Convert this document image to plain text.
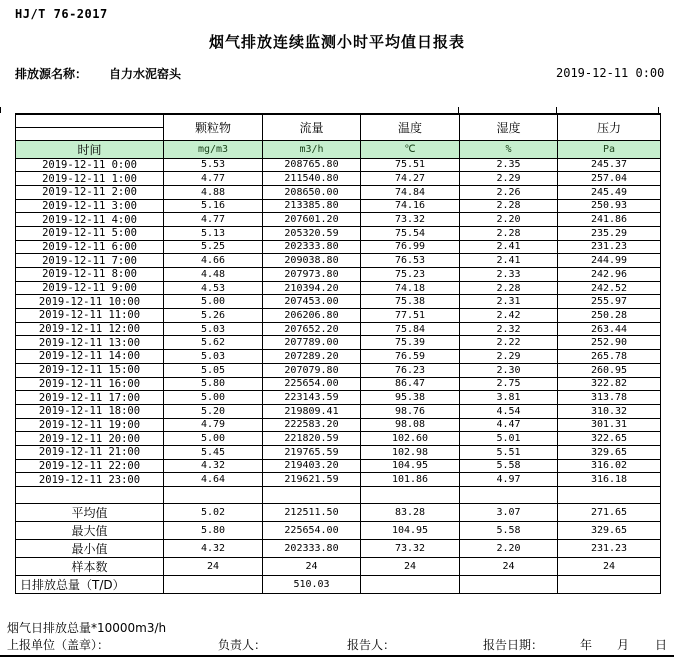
HJ/T 76-2017
烟气排放连续监测小时平均值日报表
排放源名称： 自力水泥窑头	2019-12-11 0:00
	颗粒物	流量	温度	湿度	压力

时间	mg/m3	m3/h	℃	%	Pa
2019-12-11 0:00	5.53	208765.80	75.51	2.35	245.37
2019-12-11 1:00	4.77	211540.80	74.27	2.29	257.04
2019-12-11 2:00	4.88	208650.00	74.84	2.26	245.49
2019-12-11 3:00	5.16	213385.80	74.16	2.28	250.93
2019-12-11 4:00	4.77	207601.20	73.32	2.20	241.86
2019-12-11 5:00	5.13	205320.59	75.54	2.28	235.29
2019-12-11 6:00	5.25	202333.80	76.99	2.41	231.23
2019-12-11 7:00	4.66	209038.80	76.53	2.41	244.99
2019-12-11 8:00	4.48	207973.80	75.23	2.33	242.96
2019-12-11 9:00	4.53	210394.20	74.18	2.28	242.52
2019-12-11 10:00	5.00	207453.00	75.38	2.31	255.97
2019-12-11 11:00	5.26	206206.80	77.51	2.42	250.28
2019-12-11 12:00	5.03	207652.20	75.84	2.32	263.44
2019-12-11 13:00	5.62	207789.00	75.39	2.22	252.90
2019-12-11 14:00	5.03	207289.20	76.59	2.29	265.78
2019-12-11 15:00	5.05	207079.80	76.23	2.30	260.95
2019-12-11 16:00	5.80	225654.00	86.47	2.75	322.82
2019-12-11 17:00	5.00	223143.59	95.38	3.81	313.78
2019-12-11 18:00	5.20	219809.41	98.76	4.54	310.32
2019-12-11 19:00	4.79	222583.20	98.08	4.47	301.31
2019-12-11 20:00	5.00	221820.59	102.60	5.01	322.65
2019-12-11 21:00	5.45	219765.59	102.98	5.51	329.65
2019-12-11 22:00	4.32	219403.20	104.95	5.58	316.02
2019-12-11 23:00	4.64	219621.59	101.86	4.97	316.18

平均值	5.02	212511.50	83.28	3.07	271.65
最大值	5.80	225654.00	104.95	5.58	329.65
最小值	4.32	202333.80	73.32	2.20	231.23
样本数	24	24	24	24	24
日排放总量（T/D）		510.03			
烟气日排放总量*10000m3/h
上报单位（盖章）：	负责人：	报告人：	报告日期：	年 月 日
